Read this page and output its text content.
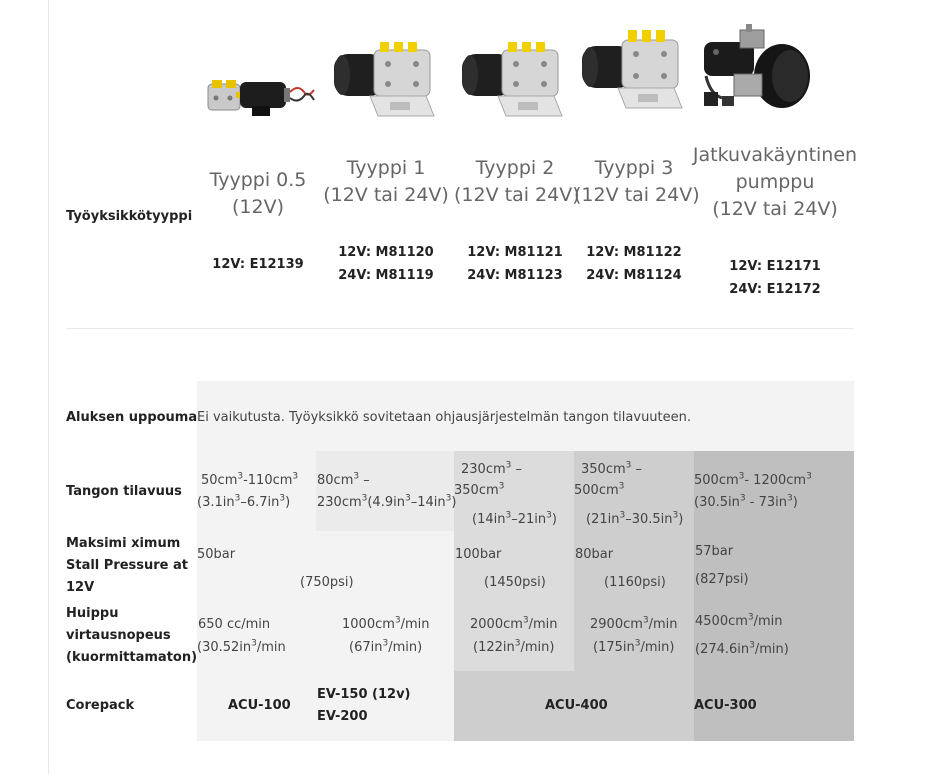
Tyyppi 0.5
(12V)
Tyyppi 1
(12V tai 24V)
Tyyppi 2
(12V tai 24V)
Tyyppi 3
(12V tai 24V)
Jatkuvakäyntinen
pumppu
(12V tai 24V)
Työyksikkötyyppi
12V: E12139
12V: M81120
24V: M81119
12V: M81121
24V: M81123
12V: M81122
24V: M81124
12V: E12171
24V: E12172
Aluksen uppouma
Tangon tilavuus
Maksimi ximum
Stall Pressure at
12V
Huippu
virtausnopeus
(kuormittamaton)
Corepack
Ei vaikutusta. Työyksikkö sovitetaan ohjausjärjestelmän tangon tilavuuteen.
$50cm^3-110cm^3$
$(3.1in^3-6.7in^3)$
$80cm^3$ –
$230cm^3(4.9in^3-14in^3)$
$230cm^3$ –
$350cm^3$
$(14in^3-21in^3)$
$350cm^3$ –
$500cm^3$
$(21in^3-30.5in^3)$
$500cm^3-$ $1200cm^3$
$(30.5in^3 - 73in^3)$
50bar
(750psi)
100bar
(1450psi)
80bar
(1160psi)
57bar
(827psi)
650 cc/min
($30.52in^3/\min$
$1000cm^3/\min$
$(67in^3/\min)$
$2000cm^3/\min$
$(122in^3/\min)$
$2900cm^3/\min$
$(175in^3/\min)$
$4500cm^3/\min$
$(274.6in^3/\min)$
ACU-100
EV-150 (12v)
EV-200
ACU-400	ACU-300
